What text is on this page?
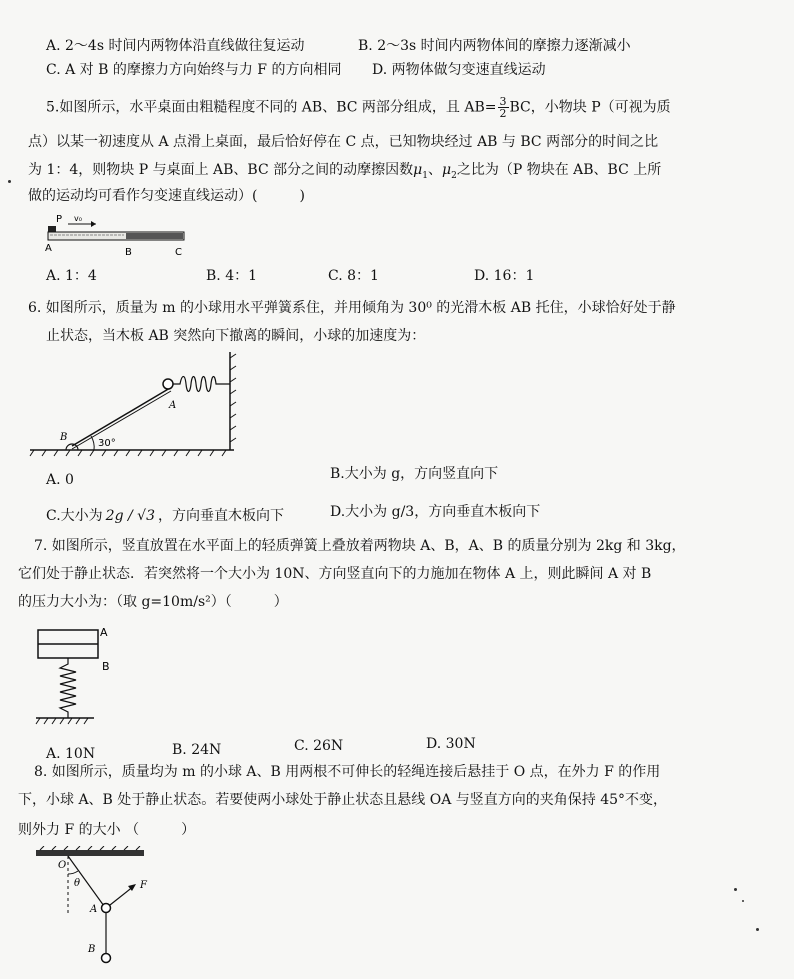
A. 2～4s 时间内两物体沿直线做往复运动	B. 2～3s 时间内两物体间的摩擦力逐渐减小
C. A 对 B 的摩擦力方向始终与力 F 的方向相同 D. 两物体做匀变速直线运动
5.如图所示，水平桌面由粗糙程度不同的 AB、BC 两部分组成，且 $AB= \frac{3}{2}$ BC，小物块 P（可视为质
点）以某一初速度从 A 点滑上桌面，最后恰好停在 C 点，已知物块经过 AB 与 BC 两部分的时间之比
为 1：4，则物块 P 与桌面上 AB、BC 部分之间的动摩擦因数$\mu_1$、$\mu_2$之比为（P 物块在 AB、BC 上所
做的运动均可看作匀变速直线运动）(　　　)
P v₀
A	B	C
A. 1：4	B. 4：1	C. 8：1	D. 16：1
6. 如图所示，质量为 m 的小球用水平弹簧系住，并用倾角为 30⁰ 的光滑木板 AB 托住，小球恰好处于静
止状态，当木板 AB 突然向下撤离的瞬间，小球的加速度为：
30°
B
A
A. 0	B.大小为 g，方向竖直向下
C.大小为 2g / √3 ，方向垂直木板向下	D.大小为 g/3，方向垂直木板向下
7. 如图所示，竖直放置在水平面上的轻质弹簧上叠放着两物块 A、B，A、B 的质量分别为 2kg 和 3kg，
它们处于静止状态．若突然将一个大小为 10N、方向竖直向下的力施加在物体 A 上，则此瞬间 A 对 B
的压力大小为：（取 g=10m/s²）（　　　）
A
B
A. 10N	B. 24N	C. 26N	D. 30N
8. 如图所示，质量均为 m 的小球 A、B 用两根不可伸长的轻绳连接后悬挂于 O 点，在外力 F 的作用
下，小球 A、B 处于静止状态。若要使两小球处于静止状态且悬线 OA 与竖直方向的夹角保持 45°不变，
则外力 F 的大小 （　　　）
O
θ
A
F
B
